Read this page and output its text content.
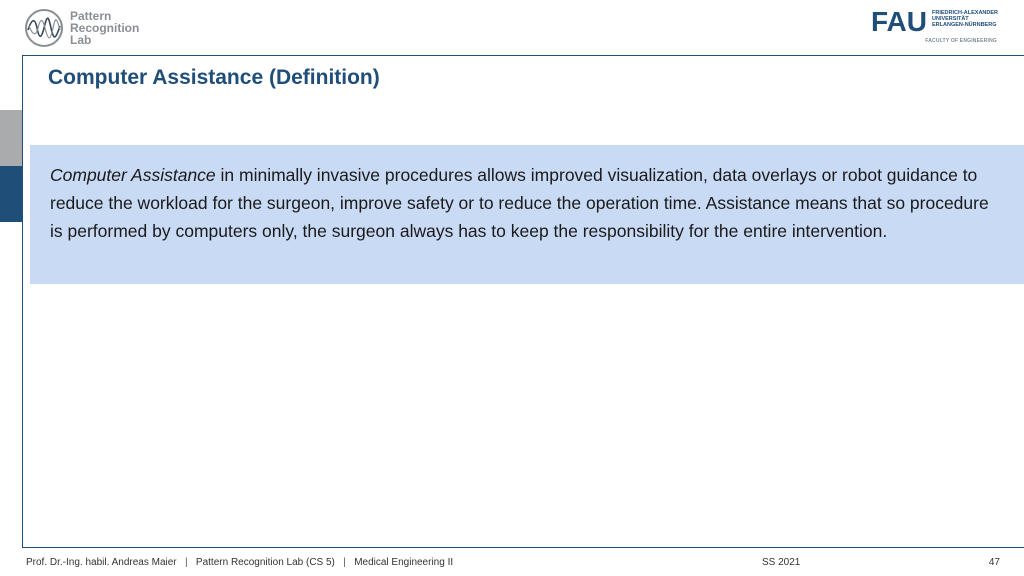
Pattern
Recognition
Lab
FAU FRIEDRICH-ALEXANDER
UNIVERSITÄT
ERLANGEN-NÜRNBERG
FACULTY OF ENGINEERING
Computer Assistance (Definition)

Computer Assistance in minimally invasive procedures allows improved visualization, data overlays or robot guidance to reduce the workload for the surgeon, improve safety or to reduce the operation time. Assistance means that so procedure is performed by computers only, the surgeon always has to keep the responsibility for the entire intervention.

Prof. Dr.-Ing. habil. Andreas Maier | Pattern Recognition Lab (CS 5) | Medical Engineering II	SS 2021	47
